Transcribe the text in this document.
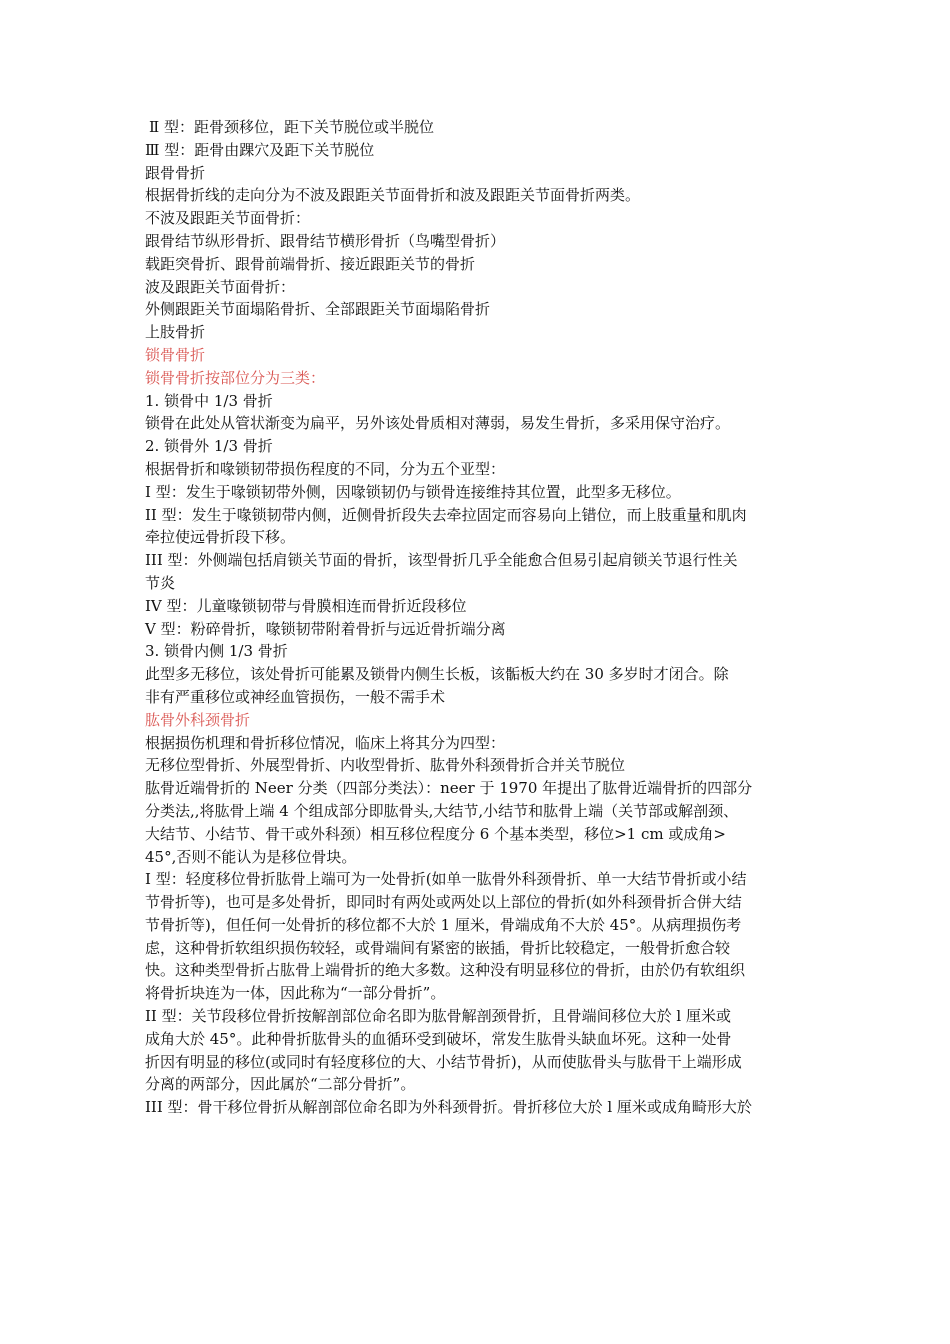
Ⅱ 型：距骨颈移位，距下关节脱位或半脱位
Ⅲ 型：距骨由踝穴及距下关节脱位
跟骨骨折
根据骨折线的走向分为不波及跟距关节面骨折和波及跟距关节面骨折两类。
不波及跟距关节面骨折：
跟骨结节纵形骨折、跟骨结节横形骨折（鸟嘴型骨折）
载距突骨折、跟骨前端骨折、接近跟距关节的骨折
波及跟距关节面骨折：
外侧跟距关节面塌陷骨折、全部跟距关节面塌陷骨折
上肢骨折
锁骨骨折
锁骨骨折按部位分为三类：
1. 锁骨中 1/3 骨折
锁骨在此处从管状渐变为扁平，另外该处骨质相对薄弱，易发生骨折，多采用保守治疗。
2. 锁骨外 1/3 骨折
根据骨折和喙锁韧带损伤程度的不同，分为五个亚型：
I 型：发生于喙锁韧带外侧，因喙锁韧仍与锁骨连接维持其位置，此型多无移位。
II 型：发生于喙锁韧带内侧，近侧骨折段失去牵拉固定而容易向上错位，而上肢重量和肌肉
牵拉使远骨折段下移。
III 型：外侧端包括肩锁关节面的骨折，该型骨折几乎全能愈合但易引起肩锁关节退行性关
节炎
IV 型：儿童喙锁韧带与骨膜相连而骨折近段移位
V 型：粉碎骨折，喙锁韧带附着骨折与远近骨折端分离
3. 锁骨内侧 1/3 骨折
此型多无移位，该处骨折可能累及锁骨内侧生长板，该骺板大约在 30 多岁时才闭合。除
非有严重移位或神经血管损伤，一般不需手术
肱骨外科颈骨折
根据损伤机理和骨折移位情况，临床上将其分为四型：
无移位型骨折、外展型骨折、内收型骨折、肱骨外科颈骨折合并关节脱位
肱骨近端骨折的 Neer 分类（四部分类法）：neer 于 1970 年提出了肱骨近端骨折的四部分
分类法,,将肱骨上端 4 个组成部分即肱骨头,大结节,小结节和肱骨上端（关节部或解剖颈、
大结节、小结节、骨干或外科颈）相互移位程度分 6 个基本类型，移位>1 cm 或成角>
45°,否则不能认为是移位骨块。
I 型：轻度移位骨折肱骨上端可为一处骨折(如单一肱骨外科颈骨折、单一大结节骨折或小结
节骨折等)，也可是多处骨折，即同时有两处或两处以上部位的骨折(如外科颈骨折合併大结
节骨折等)，但任何一处骨折的移位都不大於 1 厘米，骨端成角不大於 45°。从病理损伤考
虑，这种骨折软组织损伤较轻，或骨端间有紧密的嵌插，骨折比较稳定，一般骨折愈合较
快。这种类型骨折占肱骨上端骨折的绝大多数。这种没有明显移位的骨折，由於仍有软组织
将骨折块连为一体，因此称为“一部分骨折”。
II 型：关节段移位骨折按解剖部位命名即为肱骨解剖颈骨折，且骨端间移位大於 l 厘米或
成角大於 45°。此种骨折肱骨头的血循环受到破坏，常发生肱骨头缺血坏死。这种一处骨
折因有明显的移位(或同时有轻度移位的大、小结节骨折)，从而使肱骨头与肱骨干上端形成
分离的两部分，因此属於“二部分骨折”。
III 型：骨干移位骨折从解剖部位命名即为外科颈骨折。骨折移位大於 l 厘米或成角畸形大於
